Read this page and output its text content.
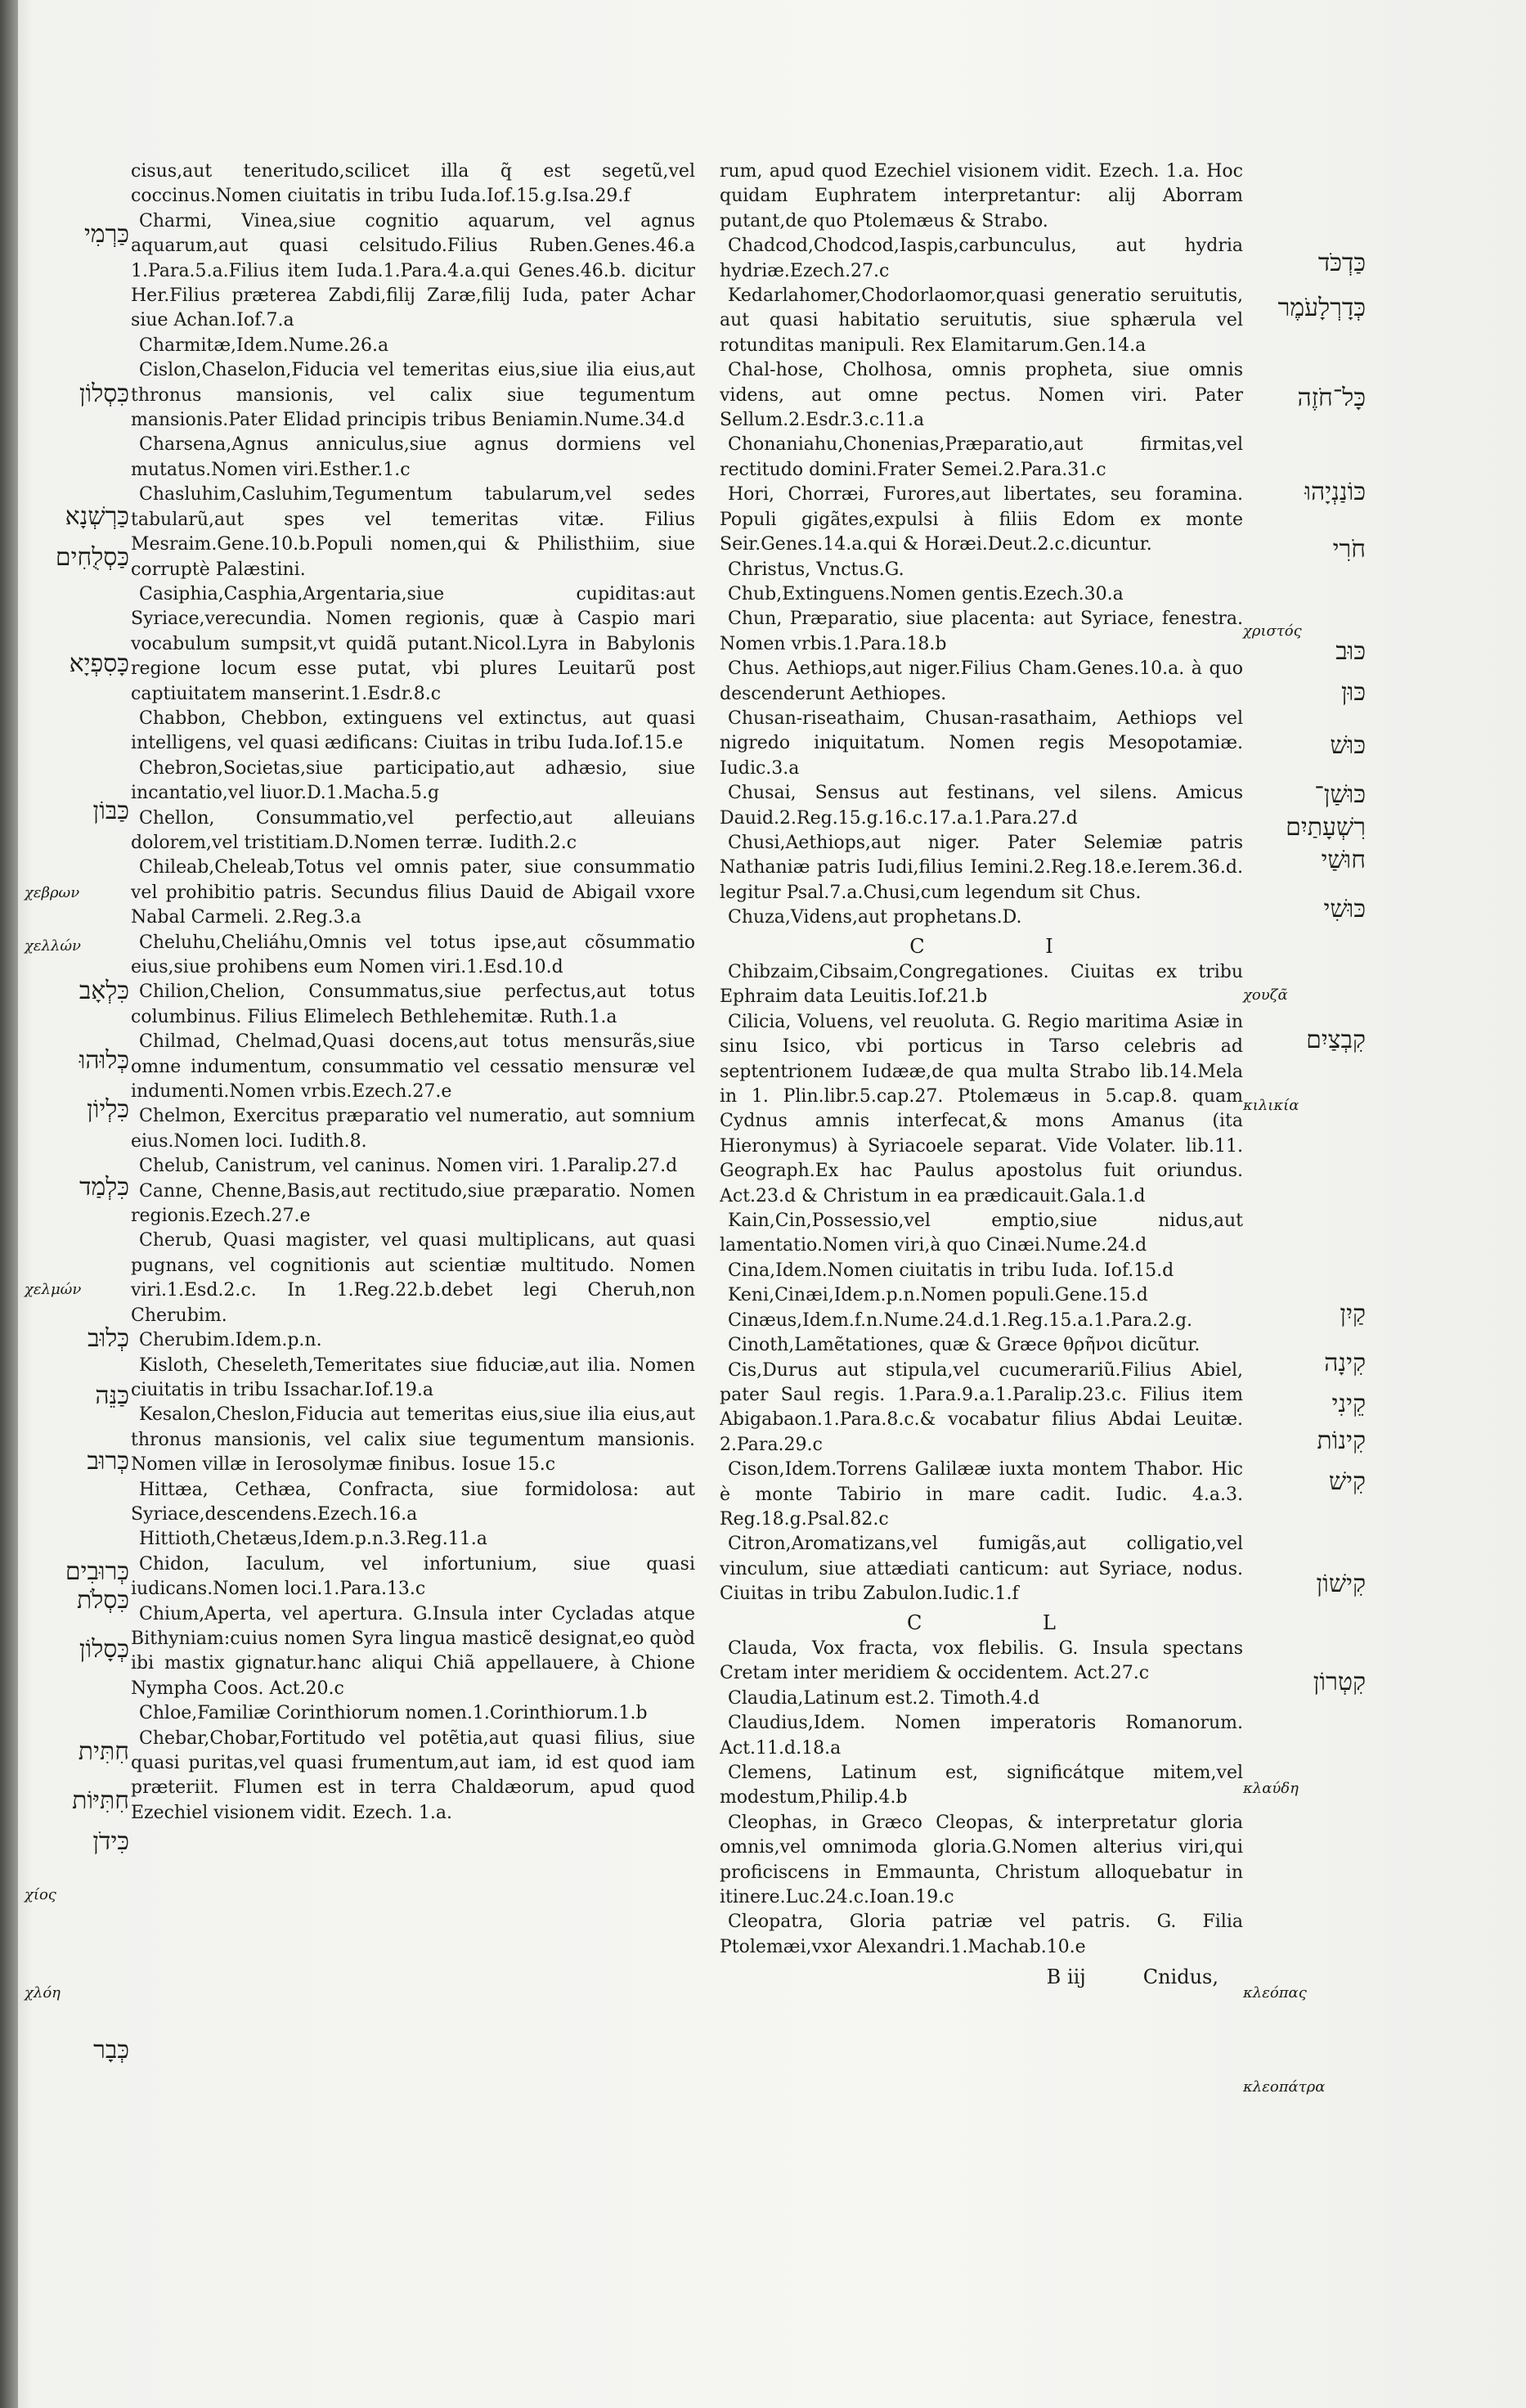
cisus,aut teneritudo,scilicet illa q̃ est segetũ,vel coccinus.Nomen ciuitatis in tribu Iuda.Iof.15.g.Isa.29.f

Charmi, Vinea,siue cognitio aquarum, vel agnus aquarum,aut quasi celsitudo.Filius Ruben.Genes.46.a 1.Para.5.a.Filius item Iuda.1.Para.4.a.qui Genes.46.b. dicitur Her.Filius præterea Zabdi,filij Zaræ,filij Iuda, pater Achar siue Achan.Iof.7.a

Charmitæ,Idem.Nume.26.a

Cislon,Chaselon,Fiducia vel temeritas eius,siue ilia eius,aut thronus mansionis, vel calix siue tegumentum mansionis.Pater Elidad principis tribus Beniamin.Nume.34.d

Charsena,Agnus anniculus,siue agnus dormiens vel mutatus.Nomen viri.Esther.1.c

Chasluhim,Casluhim,Tegumentum tabularum,vel sedes tabularũ,aut spes vel temeritas vitæ. Filius Mesraim.Gene.10.b.Populi nomen,qui & Philisthiim, siue corruptè Palæstini.

Casiphia,Casphia,Argentaria,siue cupiditas:aut Syriace,verecundia. Nomen regionis, quæ à Caspio mari vocabulum sumpsit,vt quidã putant.Nicol.Lyra in Babylonis regione locum esse putat, vbi plures Leuitarũ post captiuitatem manserint.1.Esdr.8.c

Chabbon, Chebbon, extinguens vel extinctus, aut quasi intelligens, vel quasi ædificans: Ciuitas in tribu Iuda.Iof.15.e

Chebron,Societas,siue participatio,aut adhæsio, siue incantatio,vel liuor.D.1.Macha.5.g

Chellon, Consummatio,vel perfectio,aut alleuians dolorem,vel tristitiam.D.Nomen terræ. Iudith.2.c

Chileab,Cheleab,Totus vel omnis pater, siue consummatio vel prohibitio patris. Secundus filius Dauid de Abigail vxore Nabal Carmeli. 2.Reg.3.a

Cheluhu,Cheliáhu,Omnis vel totus ipse,aut cõsummatio eius,siue prohibens eum Nomen viri.1.Esd.10.d

Chilion,Chelion, Consummatus,siue perfectus,aut totus columbinus. Filius Elimelech Bethlehemitæ. Ruth.1.a

Chilmad, Chelmad,Quasi docens,aut totus mensurãs,siue omne indumentum, consummatio vel cessatio mensuræ vel indumenti.Nomen vrbis.Ezech.27.e

Chelmon, Exercitus præparatio vel numeratio, aut somnium eius.Nomen loci. Iudith.8.

Chelub, Canistrum, vel caninus. Nomen viri. 1.Paralip.27.d

Canne, Chenne,Basis,aut rectitudo,siue præparatio. Nomen regionis.Ezech.27.e

Cherub, Quasi magister, vel quasi multiplicans, aut quasi pugnans, vel cognitionis aut scientiæ multitudo. Nomen viri.1.Esd.2.c. In 1.Reg.22.b.debet legi Cheruh,non Cherubim.

Cherubim.Idem.p.n.

Kisloth, Cheseleth,Temeritates siue fiduciæ,aut ilia. Nomen ciuitatis in tribu Issachar.Iof.19.a

Kesalon,Cheslon,Fiducia aut temeritas eius,siue ilia eius,aut thronus mansionis, vel calix siue tegumentum mansionis. Nomen villæ in Ierosolymæ finibus. Iosue 15.c

Hittæa, Cethæa, Confracta, siue formidolosa: aut Syriace,descendens.Ezech.16.a

Hittioth,Chetæus,Idem.p.n.3.Reg.11.a

Chidon, Iaculum, vel infortunium, siue quasi iudicans.Nomen loci.1.Para.13.c

Chium,Aperta, vel apertura. G.Insula inter Cycladas atque Bithyniam:cuius nomen Syra lingua masticẽ designat,eo quòd ibi mastix gignatur.hanc aliqui Chiã appellauere, à Chione Nympha Coos. Act.20.c

Chloe,Familiæ Corinthiorum nomen.1.Corinthiorum.1.b

Chebar,Chobar,Fortitudo vel potẽtia,aut quasi filius, siue quasi puritas,vel quasi frumentum,aut iam, id est quod iam præteriit. Flumen est in terra Chaldæorum, apud quod Ezechiel visionem vidit. Ezech. 1.a.

rum, apud quod Ezechiel visionem vidit. Ezech. 1.a. Hoc quidam Euphratem interpretantur: alij Aborram putant,de quo Ptolemæus & Strabo.

Chadcod,Chodcod,Iaspis,carbunculus, aut hydria hydriæ.Ezech.27.c

Kedarlahomer,Chodorlaomor,quasi generatio seruitutis, aut quasi habitatio seruitutis, siue sphærula vel rotunditas manipuli. Rex Elamitarum.Gen.14.a

Chal-hose, Cholhosa, omnis propheta, siue omnis videns, aut omne pectus. Nomen viri. Pater Sellum.2.Esdr.3.c.11.a

Chonaniahu,Chonenias,Præparatio,aut firmitas,vel rectitudo domini.Frater Semei.2.Para.31.c

Hori, Chorræi, Furores,aut libertates, seu foramina. Populi gigãtes,expulsi à filiis Edom ex monte Seir.Genes.14.a.qui & Horæi.Deut.2.c.dicuntur.

Christus, Vnctus.G.

Chub,Extinguens.Nomen gentis.Ezech.30.a

Chun, Præparatio, siue placenta: aut Syriace, fenestra. Nomen vrbis.1.Para.18.b

Chus. Aethiops,aut niger.Filius Cham.Genes.10.a. à quo descenderunt Aethiopes.

Chusan-riseathaim, Chusan-rasathaim, Aethiops vel nigredo iniquitatum. Nomen regis Mesopotamiæ. Iudic.3.a

Chusai, Sensus aut festinans, vel silens. Amicus Dauid.2.Reg.15.g.16.c.17.a.1.Para.27.d

Chusi,Aethiops,aut niger. Pater Selemiæ patris Nathaniæ patris Iudi,filius Iemini.2.Reg.18.e.Ierem.36.d. legitur Psal.7.a.Chusi,cum legendum sit Chus.

Chuza,Videns,aut prophetans.D.

C I

Chibzaim,Cibsaim,Congregationes. Ciuitas ex tribu Ephraim data Leuitis.Iof.21.b

Cilicia, Voluens, vel reuoluta. G. Regio maritima Asiæ in sinu Isico, vbi porticus in Tarso celebris ad septentrionem Iudææ,de qua multa Strabo lib.14.Mela in 1. Plin.libr.5.cap.27. Ptolemæus in 5.cap.8. quam Cydnus amnis interfecat,& mons Amanus (ita Hieronymus) à Syriacoele separat. Vide Volater. lib.11. Geograph.Ex hac Paulus apostolus fuit oriundus. Act.23.d & Christum in ea prædicauit.Gala.1.d

Kain,Cin,Possessio,vel emptio,siue nidus,aut lamentatio.Nomen viri,à quo Cinæi.Nume.24.d

Cina,Idem.Nomen ciuitatis in tribu Iuda. Iof.15.d

Keni,Cinæi,Idem.p.n.Nomen populi.Gene.15.d

Cinæus,Idem.f.n.Nume.24.d.1.Reg.15.a.1.Para.2.g.

Cinoth,Lamẽtationes, quæ & Græce θρῆνοι dicũtur.

Cis,Durus aut stipula,vel cucumerariũ.Filius Abiel, pater Saul regis. 1.Para.9.a.1.Paralip.23.c. Filius item Abigabaon.1.Para.8.c.& vocabatur filius Abdai Leuitæ. 2.Para.29.c

Cison,Idem.Torrens Galilææ iuxta montem Thabor. Hic è monte Tabirio in mare cadit. Iudic. 4.a.3. Reg.18.g.Psal.82.c

Citron,Aromatizans,vel fumigãs,aut colligatio,vel vinculum, siue attædiati canticum: aut Syriace, nodus. Ciuitas in tribu Zabulon.Iudic.1.f

C L

Clauda, Vox fracta, vox flebilis. G. Insula spectans Cretam inter meridiem & occidentem. Act.27.c

Claudia,Latinum est.2. Timoth.4.d

Claudius,Idem. Nomen imperatoris Romanorum. Act.11.d.18.a

Clemens, Latinum est, significátque mitem,vel modestum,Philip.4.b

Cleophas, in Græco Cleopas, & interpretatur gloria omnis,vel omnimoda gloria.G.Nomen alterius viri,qui proficiscens in Emmaunta, Christum alloquebatur in itinere.Luc.24.c.Ioan.19.c

Cleopatra, Gloria patriæ vel patris. G. Filia Ptolemæi,vxor Alexandri.1.Machab.10.e

B iij	Cnidus,
כַּרְמִי
כִּסְלוֹן
כַּרְשְׁנָא
כַּסְלֻחִים
כָּסִפְיָא
כַּבּוֹן
χεβρων
χελλών
כִּלְאָב
כְּלוּהוּ
כִּלְיוֹן
כִּלְמַד
χελμών
כְּלוּב
כַּנֵּה
כְּרוּב
כְּרוּבִים
כִּסְלֹת
כְּסָלוֹן
חִתִּית
חִתִּיּוֹת
כִּידֹן
χίος
χλόη
כְּבָר
כַּדְכֹּד
כְּדָרְלָעֹמֶר
כָּל־חֹזֶה
כּוֹנַנְיָהוּ
חֹרִי
χριστός
כּוּב
כּוּן
כּוּשׁ
כּוּשַׁן־
רִשְׁעָתַיִם
חוּשַׁי
כּוּשִׁי
χουζᾶ
קִבְצַיִם
κιλικία
קַיִן
קִינָה
קֵינִי
קִינוֹת
קִישׁ
קִישׁוֹן
קִטְרוֹן
κλαύδη
κλεόπας
κλεοπάτρα
